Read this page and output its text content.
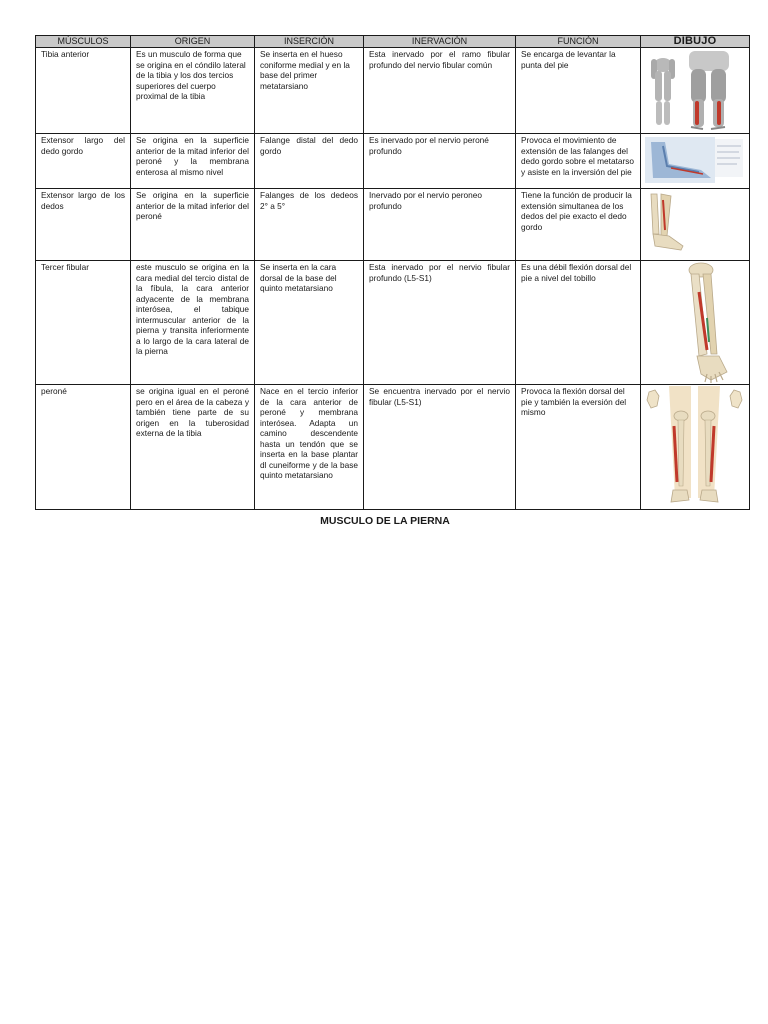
MÚSCULOS	ORIGEN	INSERCIÓN	INERVACIÓN	FUNCIÓN	DIBUJO
Tibia anterior	Es un musculo de forma que se origina en el cóndilo lateral de la tibia y los dos tercios superiores del cuerpo proximal de la tibia	Se inserta en el hueso coniforme medial y en la base del primer metatarsiano	Esta inervado por el ramo fibular profundo del nervio fibular común	Se encarga de levantar la punta del pie	

Extensor largo del dedo gordo	Se origina en la superficie anterior de la mitad inferior del peroné y la membrana enterosa al mismo nivel	Falange distal del dedo gordo	Es inervado por el nervio peroné profundo	Provoca el movimiento de extensión de las falanges del dedo gordo sobre el metatarso y asiste en la inversión del pie	

Extensor largo de los dedos	Se origina en la superficie anterior de la mitad inferior del peroné	Falanges de los dedeos 2° a 5°	Inervado por el nervio peroneo profundo	Tiene la función de producir la extensión simultanea de los dedos del pie exacto el dedo gordo	

Tercer fibular	este musculo se origina en la cara medial del tercio distal de la fíbula, la cara anterior adyacente de la membrana interósea, el tabique intermuscular anterior de la pierna y transita inferiormente a lo largo de la cara lateral de la pierna	Se inserta en la cara dorsal de la base del quinto metatarsiano	Esta inervado por el nervio fibular profundo (L5-S1)	Es una débil flexión dorsal del pie a nivel del tobillo	

peroné	se origina igual en el peroné pero en el área de la cabeza y también tiene parte de su origen en la tuberosidad externa de la tibia	Nace en el tercio inferior de la cara anterior de peroné y membrana interósea. Adapta un camino descendente hasta un tendón que se inserta en la base plantar dl cuneiforme y de la base quinto metatarsiano	Se encuentra inervado por el nervio fibular (L5-S1)	Provoca la flexión dorsal del pie y también la eversión del mismo	
MUSCULO DE LA PIERNA
